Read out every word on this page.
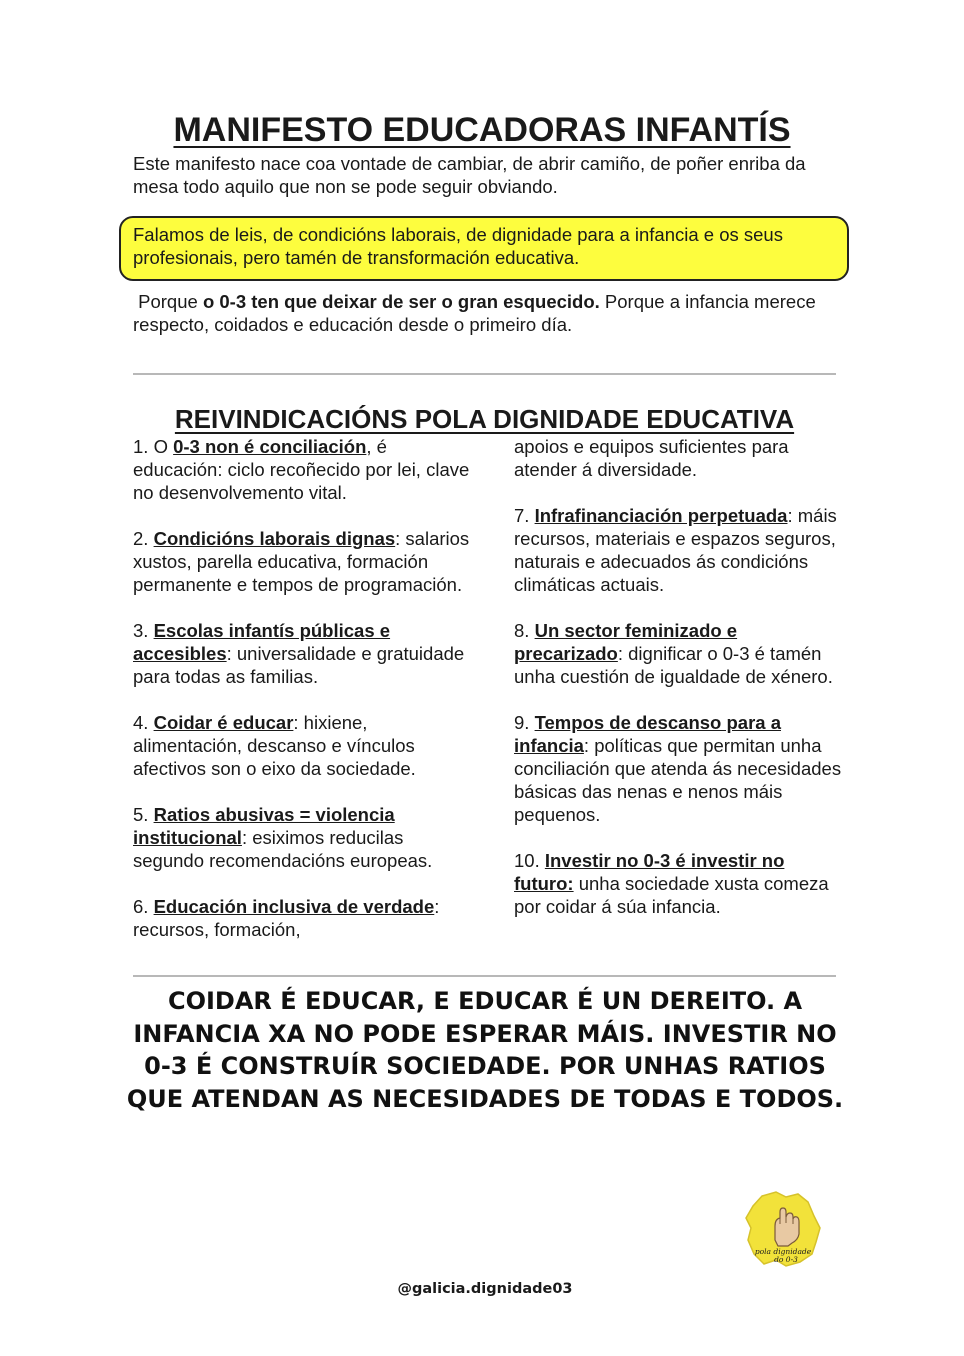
MANIFESTO EDUCADORAS INFANTÍS
Este manifesto nace coa vontade de cambiar, de abrir camiño, de poñer enriba da mesa todo aquilo que non se pode seguir obviando.
Falamos de leis, de condicións laborais, de dignidade para a infancia e os seus profesionais, pero tamén de transformación educativa.
Porque o 0-3 ten que deixar de ser o gran esquecido. Porque a infancia merece respecto, coidados e educación desde o primeiro día.
REIVINDICACIÓNS POLA DIGNIDADE EDUCATIVA

1. O 0-3 non é conciliación, é educación: ciclo recoñecido por lei, clave no desenvolvemento vital.

2. Condicións laborais dignas: salarios xustos, parella educativa, formación permanente e tempos de programación.

3. Escolas infantís públicas e accesibles: universalidade e gratuidade para todas as familias.

4. Coidar é educar: hixiene, alimentación, descanso e vínculos afectivos son o eixo da sociedade.

5. Ratios abusivas = violencia institucional: esiximos reducilas segundo recomendacións europeas.

6. Educación inclusiva de verdade: recursos, formación,

apoios e equipos suficientes para atender á diversidade.

7. Infrafinanciación perpetuada: máis recursos, materiais e espazos seguros, naturais e adecuados ás condicións climáticas actuais.

8. Un sector feminizado e precarizado: dignificar o 0-3 é tamén unha cuestión de igualdade de xénero.

9. Tempos de descanso para a infancia: políticas que permitan unha conciliación que atenda ás necesidades básicas das nenas e nenos máis pequenos.

10. Investir no 0-3 é investir no futuro: unha sociedade xusta comeza por coidar á súa infancia.

COIDAR É EDUCAR, E EDUCAR É UN DEREITO. A INFANCIA XA NO PODE ESPERAR MÁIS. INVESTIR NO 0-3 É CONSTRUÍR SOCIEDADE. POR UNHAS RATIOS QUE ATENDAN AS NECESIDADES DE TODAS E TODOS.
pola dignidade
do 0-3
@galicia.dignidade03
